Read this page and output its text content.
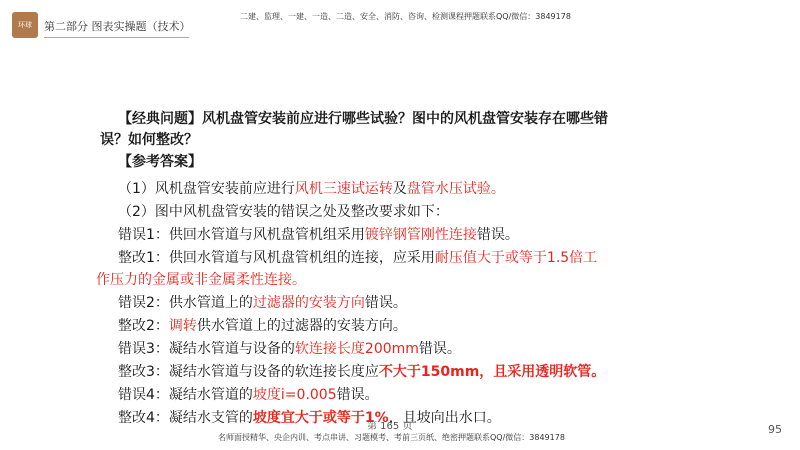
环球	第二部分 图表实操题（技术）
二建、监理、一建、一造、二造、安全、消防、咨询、检测课程押题联系QQ/微信：3849178
【经典问题】风机盘管安装前应进行哪些试验？图中的风机盘管安装存在哪些错
误？如何整改？
【参考答案】
（1）风机盘管安装前应进行风机三速试运转及盘管水压试验。
（2）图中风机盘管安装的错误之处及整改要求如下：
错误1：供回水管道与风机盘管机组采用镀锌钢管刚性连接错误。
整改1：供回水管道与风机盘管机组的连接，应采用耐压值大于或等于1.5倍工
作压力的金属或非金属柔性连接。
错误2：供水管道上的过滤器的安装方向错误。
整改2：调转供水管道上的过滤器的安装方向。
错误3：凝结水管道与设备的软连接长度200mm错误。
整改3：凝结水管道与设备的软连接长度应不大于150mm，且采用透明软管。
错误4：凝结水管道的坡度i=0.005错误。
整改4：凝结水支管的坡度宜大于或等于1%，且坡向出水口。
第 165 页
名师面授精华、央企内训、考点串讲、习题模考、考前三页纸、绝密押题联系QQ/微信：3849178
95
